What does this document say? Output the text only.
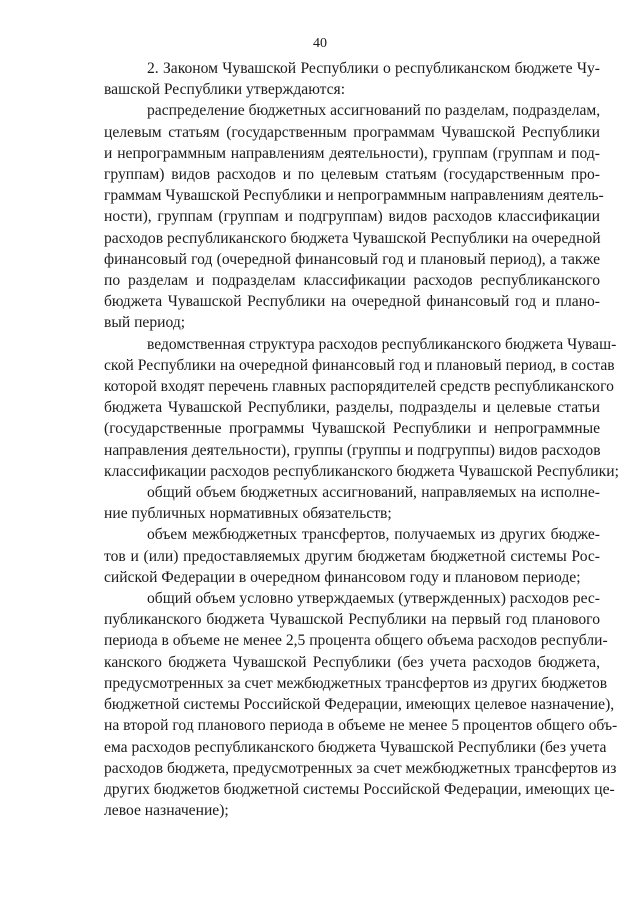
40
2. Законом Чувашской Республики о республиканском бюджете Чу-
вашской Республики утверждаются:
распределение бюджетных ассигнований по разделам, подразделам,
целевым статьям (государственным программам Чувашской Республики
и непрограммным направлениям деятельности), группам (группам и под-
группам) видов расходов и по целевым статьям (государственным про-
граммам Чувашской Республики и непрограммным направлениям деятель-
ности), группам (группам и подгруппам) видов расходов классификации
расходов республиканского бюджета Чувашской Республики на очередной
финансовый год (очередной финансовый год и плановый период), а также
по разделам и подразделам классификации расходов республиканского
бюджета Чувашской Республики на очередной финансовый год и плано-
вый период;
ведомственная структура расходов республиканского бюджета Чуваш-
ской Республики на очередной финансовый год и плановый период, в состав
которой входят перечень главных распорядителей средств республиканского
бюджета Чувашской Республики, разделы, подразделы и целевые статьи
(государственные программы Чувашской Республики и непрограммные
направления деятельности), группы (группы и подгруппы) видов расходов
классификации расходов республиканского бюджета Чувашской Республики;
общий объем бюджетных ассигнований, направляемых на исполне-
ние публичных нормативных обязательств;
объем межбюджетных трансфертов, получаемых из других бюдже-
тов и (или) предоставляемых другим бюджетам бюджетной системы Рос-
сийской Федерации в очередном финансовом году и плановом периоде;
общий объем условно утверждаемых (утвержденных) расходов рес-
публиканского бюджета Чувашской Республики на первый год планового
периода в объеме не менее 2,5 процента общего объема расходов республи-
канского бюджета Чувашской Республики (без учета расходов бюджета,
предусмотренных за счет межбюджетных трансфертов из других бюджетов
бюджетной системы Российской Федерации, имеющих целевое назначение),
на второй год планового периода в объеме не менее 5 процентов общего объ-
ема расходов республиканского бюджета Чувашской Республики (без учета
расходов бюджета, предусмотренных за счет межбюджетных трансфертов из
других бюджетов бюджетной системы Российской Федерации, имеющих це-
левое назначение);
